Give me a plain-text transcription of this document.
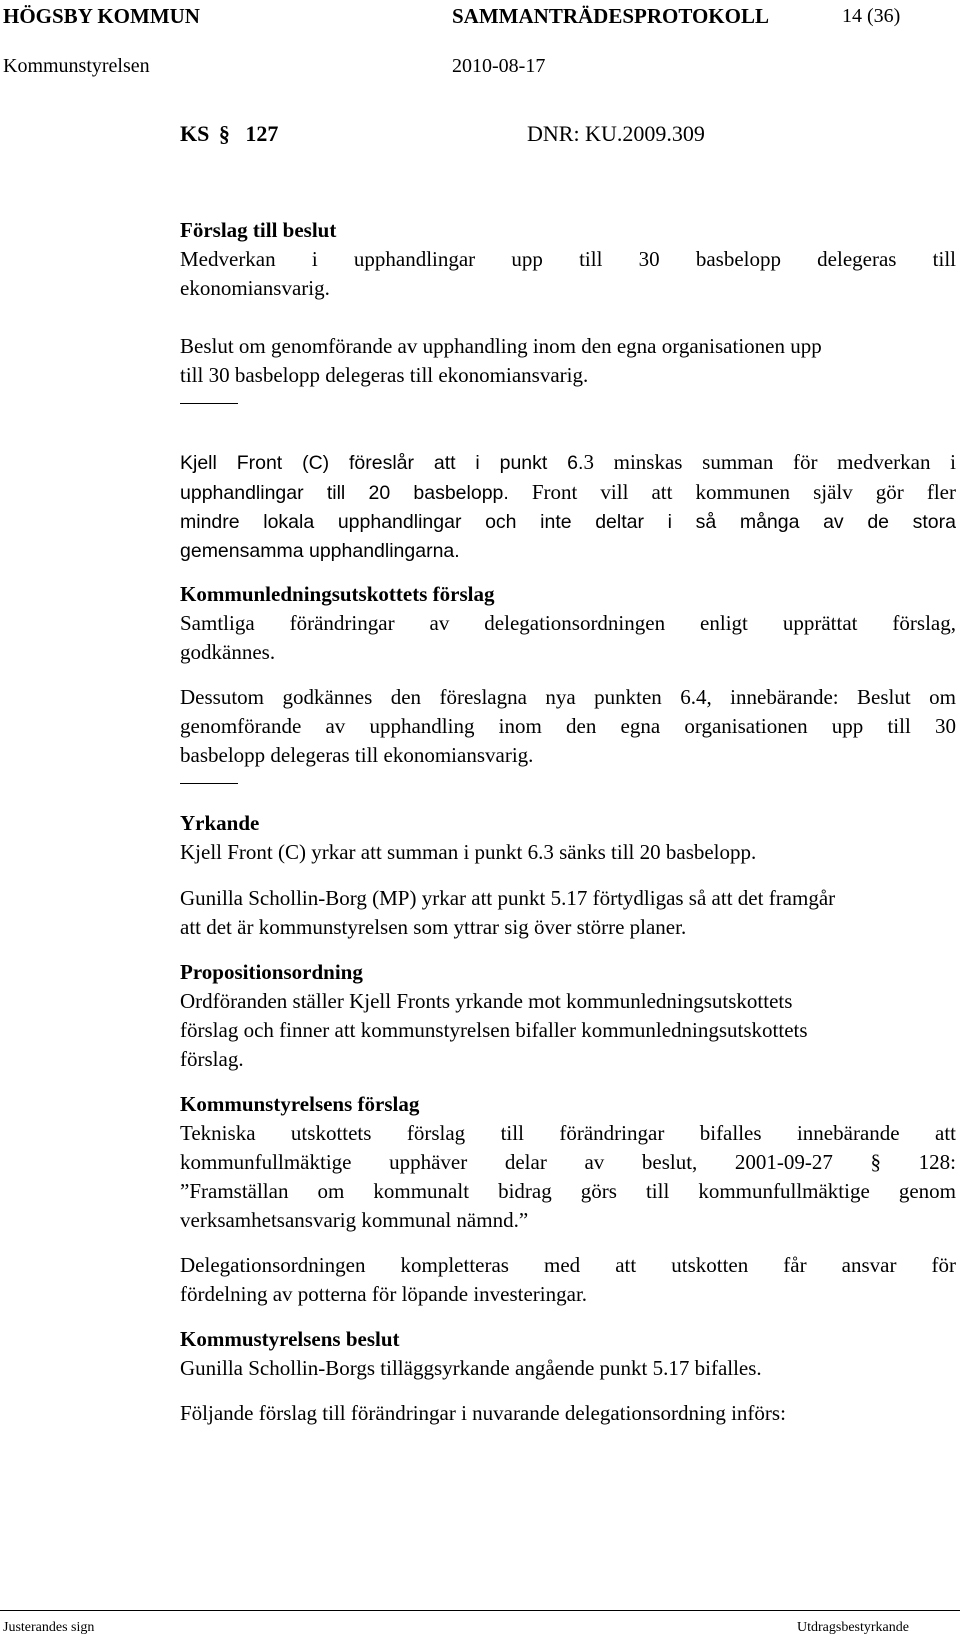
HÖGSBY KOMMUN	SAMMANTRÄDESPROTOKOLL	14 (36)
Kommunstyrelsen	2010-08-17
KS § 127	DNR: KU.2009.309

Förslag till beslut

Medverkan i upphandlingar upp till 30 basbelopp delegeras till

ekonomiansvarig.

Beslut om genomförande av upphandling inom den egna organisationen upp

till 30 basbelopp delegeras till ekonomiansvarig.

Kjell Front (C) föreslår att i punkt 6.3 minskas summan för medverkan i

upphandlingar till 20 basbelopp. Front vill att kommunen själv gör fler

mindre lokala upphandlingar och inte deltar i så många av de stora

gemensamma upphandlingarna.

Kommunledningsutskottets förslag

Samtliga förändringar av delegationsordningen enligt upprättat förslag,

godkännes.

Dessutom godkännes den föreslagna nya punkten 6.4, innebärande: Beslut om

genomförande av upphandling inom den egna organisationen upp till 30

basbelopp delegeras till ekonomiansvarig.

Yrkande

Kjell Front (C) yrkar att summan i punkt 6.3 sänks till 20 basbelopp.

Gunilla Schollin-Borg (MP) yrkar att punkt 5.17 förtydligas så att det framgår

att det är kommunstyrelsen som yttrar sig över större planer.

Propositionsordning

Ordföranden ställer Kjell Fronts yrkande mot kommunledningsutskottets

förslag och finner att kommunstyrelsen bifaller kommunledningsutskottets

förslag.

Kommunstyrelsens förslag

Tekniska utskottets förslag till förändringar bifalles innebärande att

kommunfullmäktige upphäver delar av beslut, 2001-09-27 § 128:

”Framställan om kommunalt bidrag görs till kommunfullmäktige genom

verksamhetsansvarig kommunal nämnd.”

Delegationsordningen kompletteras med att utskotten får ansvar för

fördelning av potterna för löpande investeringar.

Kommustyrelsens beslut

Gunilla Schollin-Borgs tilläggsyrkande angående punkt 5.17 bifalles.

Följande förslag till förändringar i nuvarande delegationsordning införs:

Justerandes sign	Utdragsbestyrkande
